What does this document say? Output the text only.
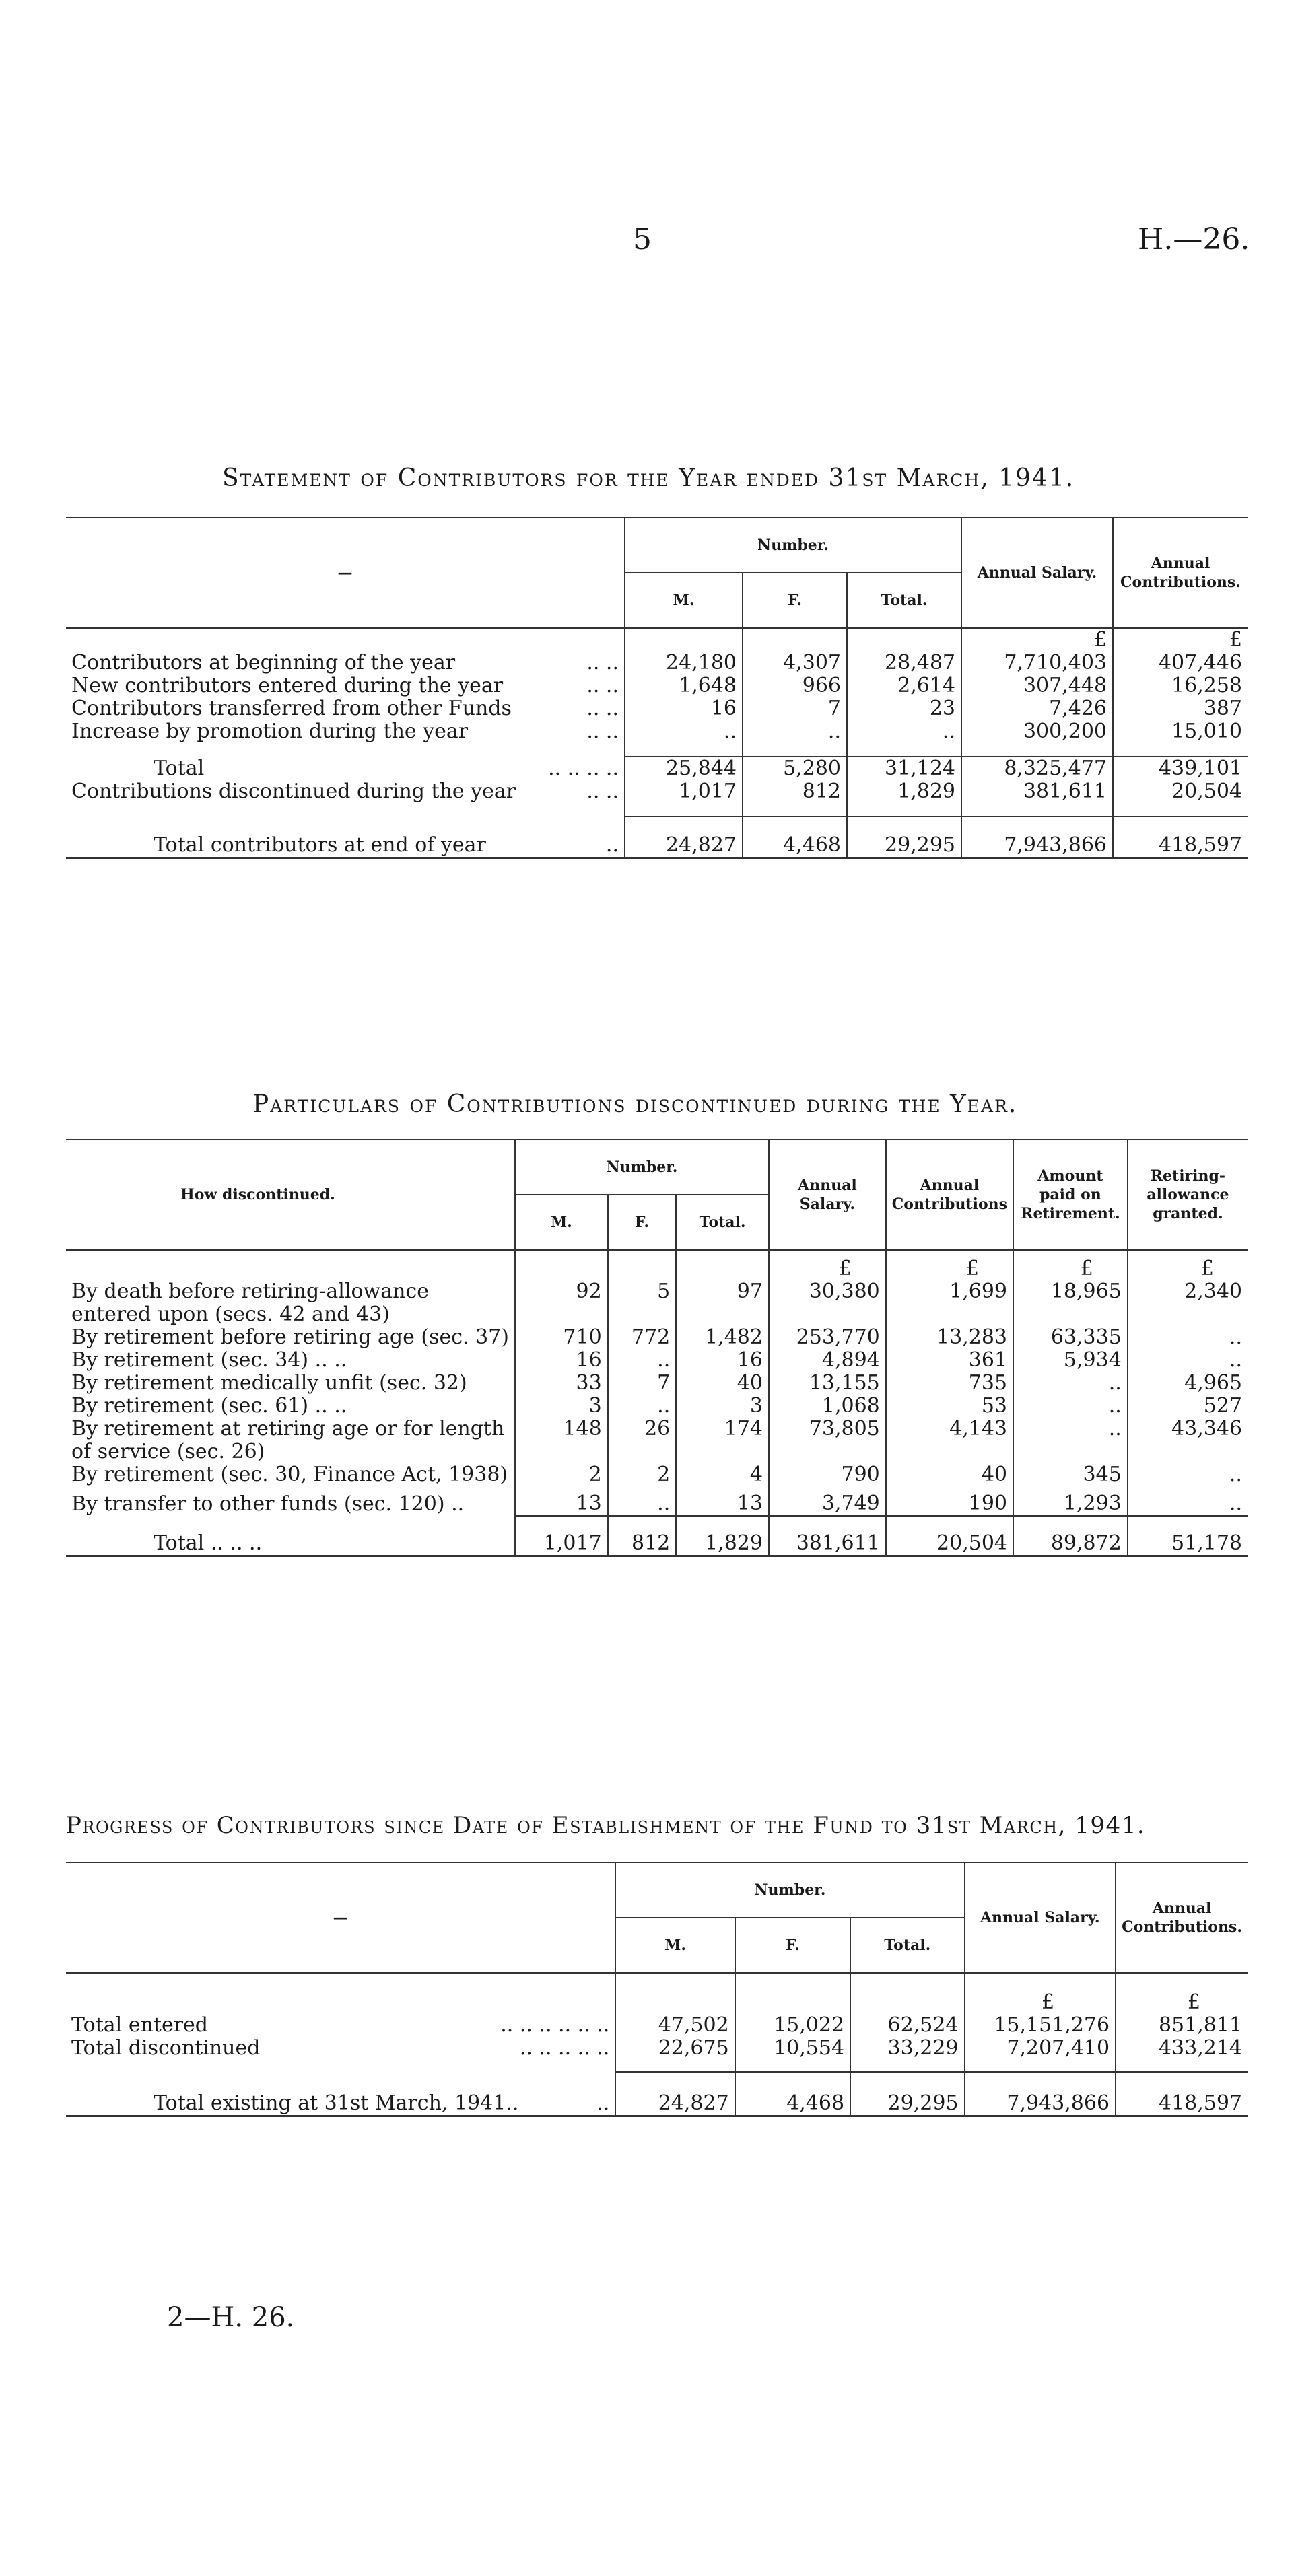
5	H.—26.
Statement of Contributors for the Year ended 31st March, 1941.
—	Number.			Annual Salary.	Annual Contributions.
	M.	F.	Total.		
				£	£
Contributors at beginning of the year .. ..	24,180	4,307	28,487	7,710,403	407,446
New contributors entered during the year .. ..	1,648	966	2,614	307,448	16,258
Contributors transferred from other Funds .. ..	16	7	23	7,426	387
Increase by promotion during the year .. ..	..	..	..	300,200	15,010

Total .. .. .. ..	25,844	5,280	31,124	8,325,477	439,101
Contributions discontinued during the year .. ..	1,017	812	1,829	381,611	20,504

Total contributors at end of year ..	24,827	4,468	29,295	7,943,866	418,597
Particulars of Contributions discontinued during the Year.
How discontinued.	Number.			Annual Salary.	Annual Contributions	Amount paid on Retirement.	Retiring-allowance granted.
	M.	F.	Total.				
				£	£	£	£
By death before retiring-allowance entered upon (secs. 42 and 43)	92	5	97	30,380	1,699	18,965	2,340
By retirement before retiring age (sec. 37)	710	772	1,482	253,770	13,283	63,335	..
By retirement (sec. 34) .. ..	16	..	16	4,894	361	5,934	..
By retirement medically unfit (sec. 32)	33	7	40	13,155	735	..	4,965
By retirement (sec. 61) .. ..	3	..	3	1,068	53	..	527
By retirement at retiring age or for length of service (sec. 26)	148	26	174	73,805	4,143	..	43,346
By retirement (sec. 30, Finance Act, 1938)	2	2	4	790	40	345	..
By transfer to other funds (sec. 120) ..	13	..	13	3,749	190	1,293	..
Total .. .. ..	1,017	812	1,829	381,611	20,504	89,872	51,178
Progress of Contributors since Date of Establishment of the Fund to 31st March, 1941.
—	Number.			Annual Salary.	Annual Contributions.
	M.	F.	Total.		
				£	£
Total entered .. .. .. .. .. ..	47,502	15,022	62,524	15,151,276	851,811
Total discontinued .. .. .. .. ..	22,675	10,554	33,229	7,207,410	433,214

Total existing at 31st March, 1941.. ..	24,827	4,468	29,295	7,943,866	418,597
2—H. 26.
